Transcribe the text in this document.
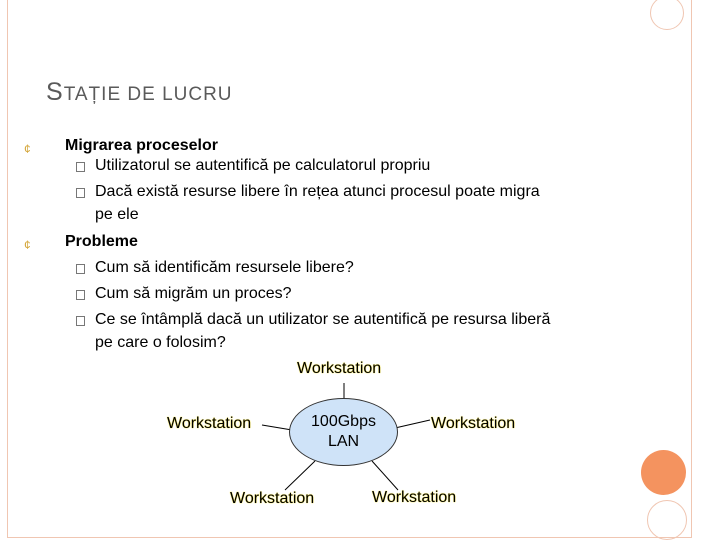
STAȚIE DE LUCRU
¢ Migrarea proceselor
Utilizatorul se autentifică pe calculatorul propriu
Dacă există resurse libere în rețea atunci procesul poate migra
pe ele
¢ Probleme
Cum să identificăm resursele libere?
Cum să migrăm un proces?
Ce se întâmplă dacă un utilizator se autentifică pe resursa liberă
pe care o folosim?
100Gbps
LAN
Workstation
Workstation	Workstation
Workstation	Workstation
